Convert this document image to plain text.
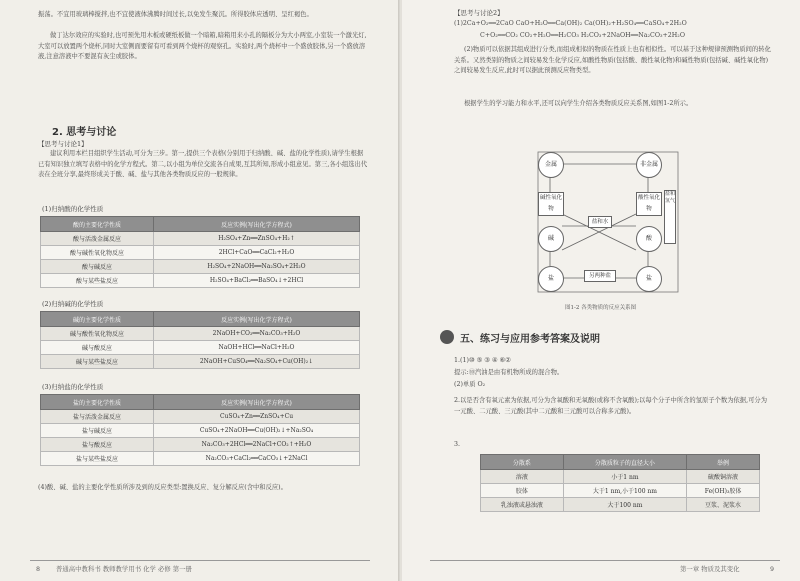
振荡。不宜用玻璃棒搅拌,也不宜使液体沸腾时间过长,以免发生聚沉。所得胶体应透明、呈红褐色。
做丁达尔效应的实验时,也可预先用木板或硬纸板做一个暗箱,暗箱用来小孔的隔板分为大小两室,小室装一个激光灯,大室可以放置两个烧杯,同时大室侧面要留有可看到两个烧杯的观察孔。实验时,两个烧杯中一个盛放胶体,另一个盛放溶液,注意溶液中不要混有灰尘或胶体。
2. 思考与讨论
【思考与讨论1】
建议利用本栏目组织学生活动,可分为三步。第一,提供三个表格(分别用于归纳酸、碱、盐的化学性质),请学生根据已有知识独立填写表格中的化学方程式。第二,以小组为单位交流各自成果,互其所知,形成小组意见。第三,各小组选出代表在全班分享,最终形成关于酸、碱、盐与其他各类物质反应的一般规律。
(1)归纳酸的化学性质
酸的主要化学性质	反应实例(写出化学方程式)
酸与活泼金属反应	H₂SO₄+Zn══ZnSO₄+H₂↑
酸与碱性氧化物反应	2HCl+CaO══CaCl₂+H₂O
酸与碱反应	H₂SO₄+2NaOH══Na₂SO₄+2H₂O
酸与某些盐反应	H₂SO₄+BaCl₂══BaSO₄↓+2HCl
(2)归纳碱的化学性质
碱的主要化学性质	反应实例(写出化学方程式)
碱与酸性氧化物反应	2NaOH+CO₂══Na₂CO₃+H₂O
碱与酸反应	NaOH+HCl══NaCl+H₂O
碱与某些盐反应	2NaOH+CuSO₄══Na₂SO₄+Cu(OH)₂↓
(3)归纳盐的化学性质
盐的主要化学性质	反应实例(写出化学方程式)
盐与活泼金属反应	CuSO₄+Zn══ZnSO₄+Cu
盐与碱反应	CuSO₄+2NaOH══Cu(OH)₂↓+Na₂SO₄
盐与酸反应	Na₂CO₃+2HCl══2NaCl+CO₂↑+H₂O
盐与某些盐反应	Na₂CO₃+CaCl₂══CaCO₃↓+2NaCl
(4)酸、碱、盐的主要化学性质所涉及到的反应类型:置换反应、复分解反应(含中和反应)。
8 普通高中教科书 教师教学用书 化学 必修 第一册
【思考与讨论2】
(1)2Ca+O₂══2CaO CaO+H₂O══Ca(OH)₂ Ca(OH)₂+H₂SO₄══CaSO₄+2H₂O
C+O₂══CO₂ CO₂+H₂O══H₂CO₃ H₂CO₃+2NaOH══Na₂CO₃+2H₂O
(2)物质可以依据其组成进行分类,而组成相似的物质在性质上也有相似性。可以基于这种规律预测物质间的转化关系。又然类别的物质之间较易发生化学反应,如酸性物质(包括酸、酸性氧化物)和碱性物质(包括碱、碱性氧化物)之间较易发生反应,此时可以据此预测反应物类型。
根据学生的学习能力和水平,还可以向学生介绍各类物质反应关系图,如图1-2所示。
金属	非金属
碱性氧化物
酸性氧化物
碱	酸
盐和水
盐	盐
另两种盐
盐和氢气
图1-2 各类物质的反应关系图
五、练习与应用参考答案及说明
1.(1)⑩ ⑤ ③ ④ ⑥②
提示:⑩汽油是由有机物所成的混合物。
(2)单质 O₂
2.以是否含有氧元素为依据,可分为含氧酸和无氧酸(或称不含氧酸);以每个分子中所含的氢原子个数为依据,可分为一元酸、二元酸、三元酸(其中二元酸和三元酸可以合称多元酸)。
3.
分散系	分散质粒子的直径大小	举例
溶液	小于1 nm	硫酸铜溶液
胶体	大于1 nm,小于100 nm	Fe(OH)₃胶体
乳浊液或悬浊液	大于100 nm	豆浆、泥浆水
第一章 物质及其变化	9
